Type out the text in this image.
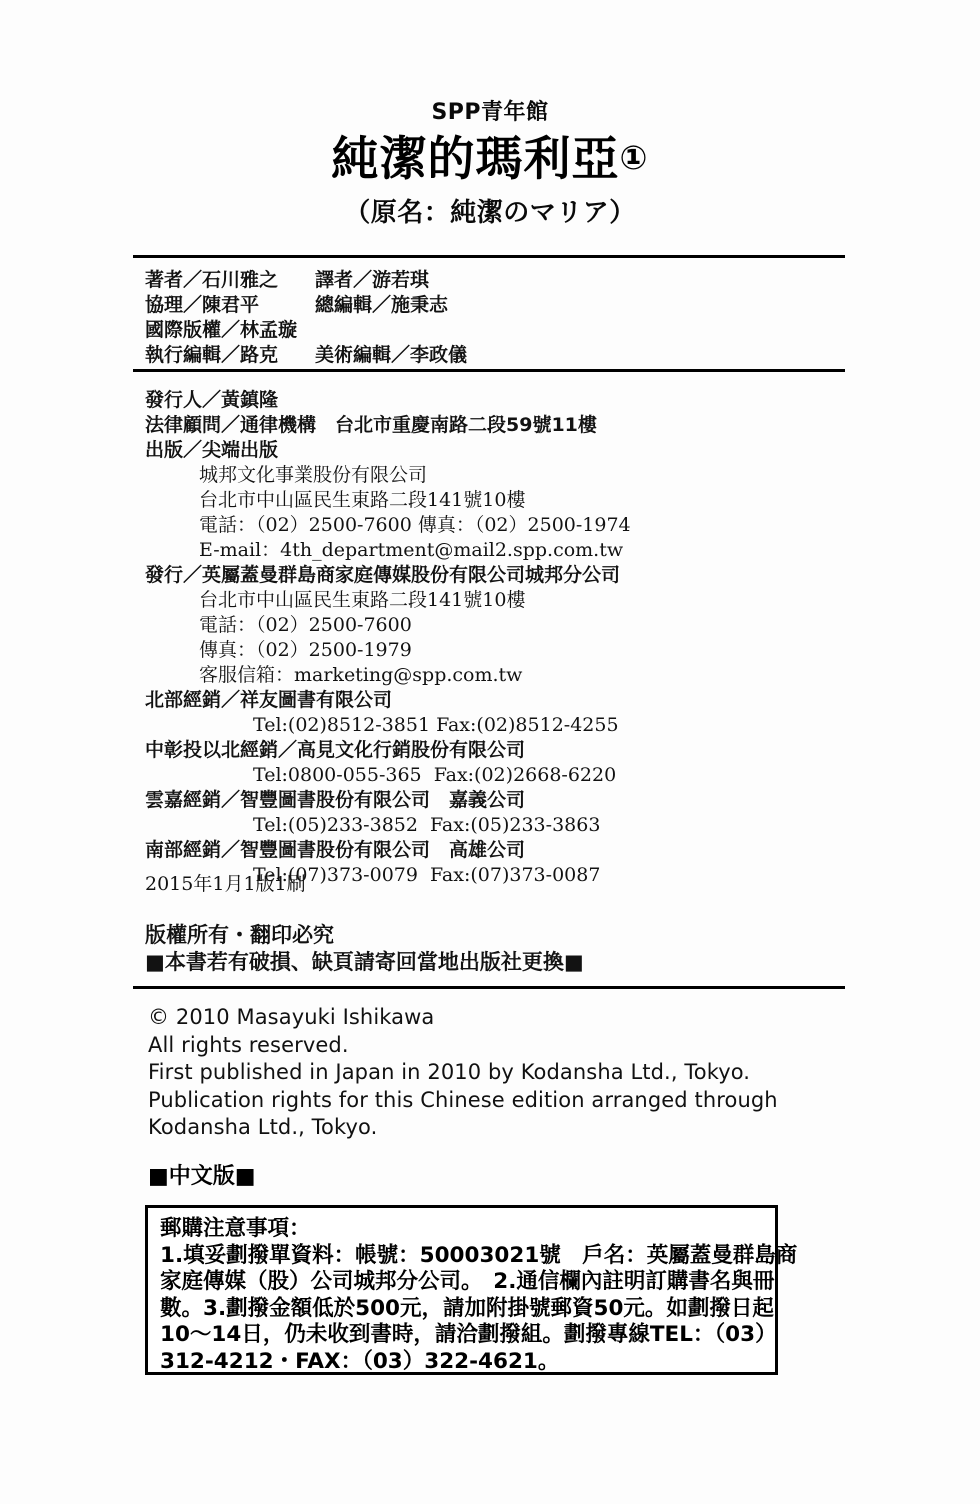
SPP青年館
純潔的瑪利亞①
（原名：純潔のマリア）
著者／石川雅之	譯者／游若琪
協理／陳君平	總編輯／施秉志
國際版權／林孟璇
執行編輯／路克	美術編輯／李政儀
發行人／黃鎮隆
法律顧問／通律機構　台北市重慶南路二段59號11樓
出版／尖端出版
城邦文化事業股份有限公司
台北市中山區民生東路二段141號10樓
電話：（02）2500-7600 傳真：（02）2500-1974
E-mail：4th_department@mail2.spp.com.tw
發行／英屬蓋曼群島商家庭傳媒股份有限公司城邦分公司
台北市中山區民生東路二段141號10樓
電話：（02）2500-7600
傳真：（02）2500-1979
客服信箱：marketing@spp.com.tw
北部經銷／祥友圖書有限公司
Tel:(02)8512-3851 Fax:(02)8512-4255
中彰投以北經銷／高見文化行銷股份有限公司
Tel:0800-055-365  Fax:(02)2668-6220
雲嘉經銷／智豐圖書股份有限公司　嘉義公司
Tel:(05)233-3852  Fax:(05)233-3863
南部經銷／智豐圖書股份有限公司　高雄公司
Tel:(07)373-0079  Fax:(07)373-0087
2015年1月1版1刷
版權所有・翻印必究
■本書若有破損、缺頁請寄回當地出版社更換■
© 2010 Masayuki Ishikawa
All rights reserved.
First published in Japan in 2010 by Kodansha Ltd., Tokyo.
Publication rights for this Chinese edition arranged through
Kodansha Ltd., Tokyo.
■中文版■
郵購注意事項：
1.填妥劃撥單資料：帳號：50003021號　戶名：英屬蓋曼群島商
家庭傳媒（股）公司城邦分公司。　2.通信欄內註明訂購書名與冊
數。3.劃撥金額低於500元，請加附掛號郵資50元。如劃撥日起
10～14日，仍未收到書時，請洽劃撥組。劃撥專線TEL：（03）
312-4212・FAX：（03）322-4621。
